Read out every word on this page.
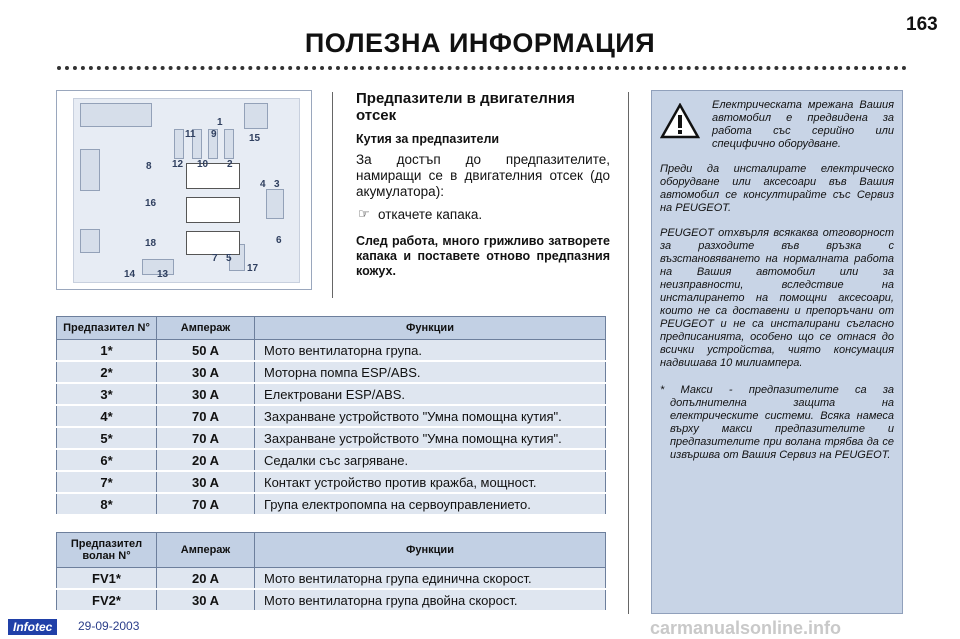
163
ПОЛЕЗНА ИНФОРМАЦИЯ
11 9
1
15
12 10 2
8
4 3
16
6
18
7 5
17
14 13
Предпазители в двигателния отсек
Кутия за предпазители
За достъп до предпазителите, намиращи се в двигателния отсек (до акумулатора):
☞ откачете капака.
След работа, много грижливо затворете капака и поставете отново предпазния кожух.
Предпазител N°	Ампераж	Функции
1*	50 A	Мото вентилаторна група.
2*	30 A	Моторна помпа ESP/ABS.
3*	30 A	Електровани ESP/ABS.
4*	70 A	Захранване устройството "Умна помощна кутия".
5*	70 A	Захранване устройството "Умна помощна кутия".
6*	20 A	Седалки със загряване.
7*	30 A	Контакт устройство против кражба, мощност.
8*	70 A	Група електропомпа на сервоуправлението.
Предпазител волан N°	Ампераж	Функции
FV1*	20 A	Мото вентилаторна група единична скорост.
FV2*	30 A	Мото вентилаторна група двойна скорост.

Електрическата мрежана Вашия автомобил е предвидена за работа със серийно или специфично оборудване.

Преди да инсталирате електрическо оборудване или аксесоари във Вашия автомобил се консултирайте със Сервиз на PEUGEOT.

PEUGEOT отхвърля всякаква отговорност за разходите във връзка с възстановяването на нормалната работа на Вашия автомобил или за неизправности, вследствие на инсталирането на помощни аксесоари, които не са доставени и препоръчани от PEUGEOT и не са инсталирани съгласно предписанията, особено що се отнася до всички устройства, чиято консумация надвишава 10 милиампера.

* Макси - предпазителите са за допълнителна защита на електрическите системи. Всяка намеса върху макси предпазителите и предпазителите при волана трябва да се извършва от Вашия Сервиз на PEUGEOT.

Infotec	29-09-2003	carmanualsonline.info
